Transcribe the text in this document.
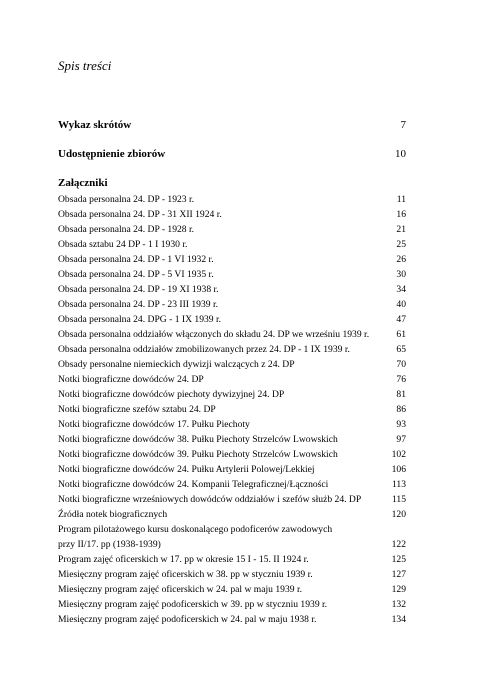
Spis treści
Wykaz skrótów	7
Udostępnienie zbiorów	10
Załączniki
Obsada personalna 24. DP - 1923 r.	11
Obsada personalna 24. DP - 31 XII 1924 r.	16
Obsada personalna 24. DP - 1928 r.	21
Obsada sztabu 24 DP - 1 I 1930 r.	25
Obsada personalna 24. DP - 1 VI 1932 r.	26
Obsada personalna 24. DP - 5 VI 1935 r.	30
Obsada personalna 24. DP - 19 XI 1938 r.	34
Obsada personalna 24. DP - 23 III 1939 r.	40
Obsada personalna 24. DPG - 1 IX 1939 r.	47
Obsada personalna oddziałów włączonych do składu 24. DP we wrześniu 1939 r.	61
Obsada personalna oddziałów zmobilizowanych przez 24. DP - 1 IX 1939 r.	65
Obsady personalne niemieckich dywizji walczących z 24. DP	70
Notki biograficzne dowódców 24. DP	76
Notki biograficzne dowódców piechoty dywizyjnej 24. DP	81
Notki biograficzne szefów sztabu 24. DP	86
Notki biograficzne dowódców 17. Pułku Piechoty	93
Notki biograficzne dowódców 38. Pułku Piechoty Strzelców Lwowskich	97
Notki biograficzne dowódców 39. Pułku Piechoty Strzelców Lwowskich	102
Notki biograficzne dowódców 24. Pułku Artylerii Polowej/Lekkiej	106
Notki biograficzne dowódców 24. Kompanii Telegraficznej/Łączności	113
Notki biograficzne wrześniowych dowódców oddziałów i szefów służb 24. DP	115
Źródła notek biograficznych	120
Program pilotażowego kursu doskonalącego podoficerów zawodowych
przy II/17. pp (1938-1939)	122
Program zajęć oficerskich w 17. pp w okresie 15 I - 15. II 1924 r.	125
Miesięczny program zajęć oficerskich w 38. pp w styczniu 1939 r.	127
Miesięczny program zajęć oficerskich w 24. pal w maju 1939 r.	129
Miesięczny program zajęć podoficerskich w 39. pp w styczniu 1939 r.	132
Miesięczny program zajęć podoficerskich w 24. pal w maju 1938 r.	134
